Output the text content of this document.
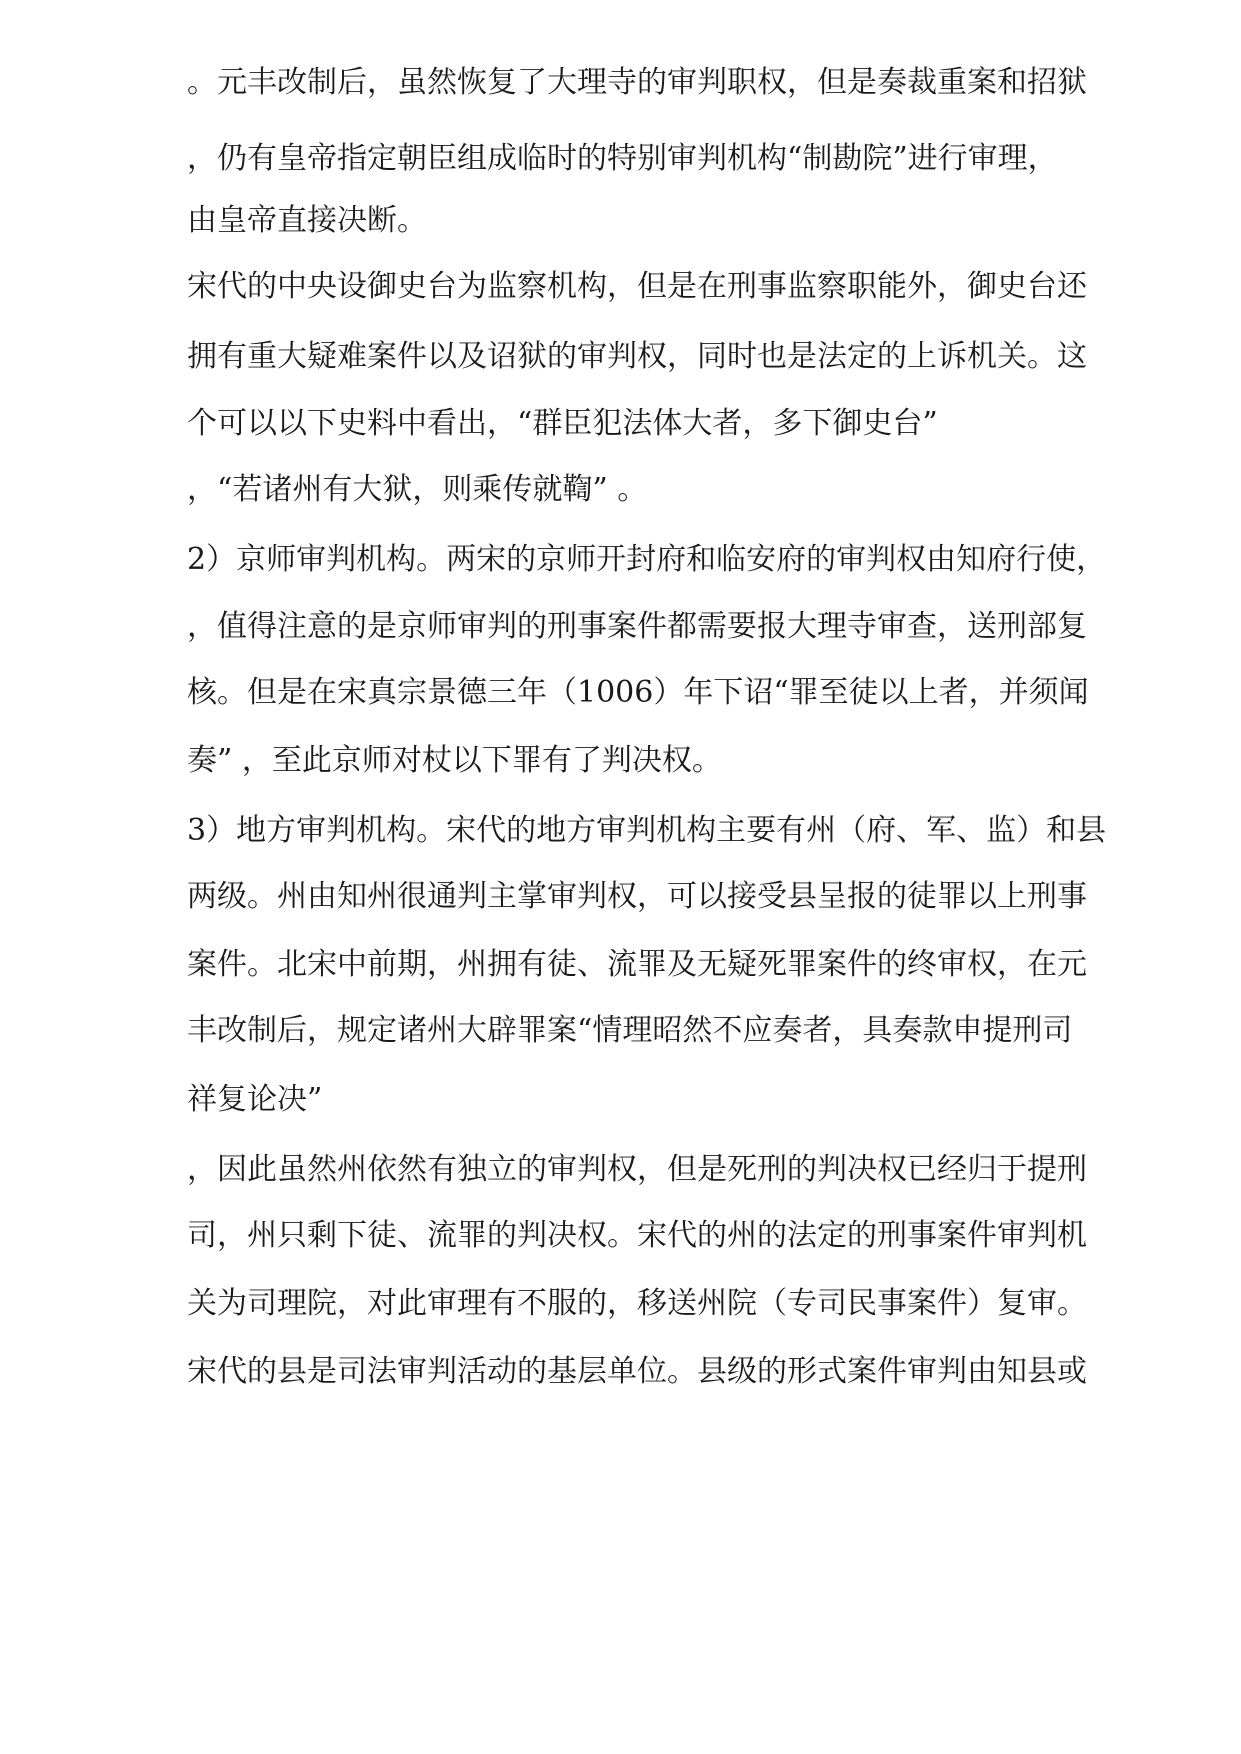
。元丰改制后，虽然恢复了大理寺的审判职权，但是奏裁重案和招狱
，仍有皇帝指定朝臣组成临时的特别审判机构“制勘院”进行审理，
由皇帝直接决断。
宋代的中央设御史台为监察机构，但是在刑事监察职能外，御史台还
拥有重大疑难案件以及诏狱的审判权，同时也是法定的上诉机关。这
个可以以下史料中看出，“群臣犯法体大者，多下御史台”
，“若诸州有大狱，则乘传就鞫” 。
2）京师审判机构。两宋的京师开封府和临安府的审判权由知府行使，
，值得注意的是京师审判的刑事案件都需要报大理寺审查，送刑部复
核。但是在宋真宗景德三年（1006）年下诏“罪至徒以上者，并须闻
奏” ，至此京师对杖以下罪有了判决权。
3）地方审判机构。宋代的地方审判机构主要有州（府、军、监）和县
两级。州由知州很通判主掌审判权，可以接受县呈报的徒罪以上刑事
案件。北宋中前期，州拥有徒、流罪及无疑死罪案件的终审权，在元
丰改制后，规定诸州大辟罪案“情理昭然不应奏者，具奏款申提刑司
祥复论决”
，因此虽然州依然有独立的审判权，但是死刑的判决权已经归于提刑
司，州只剩下徒、流罪的判决权。宋代的州的法定的刑事案件审判机
关为司理院，对此审理有不服的，移送州院（专司民事案件）复审。
宋代的县是司法审判活动的基层单位。县级的形式案件审判由知县或
